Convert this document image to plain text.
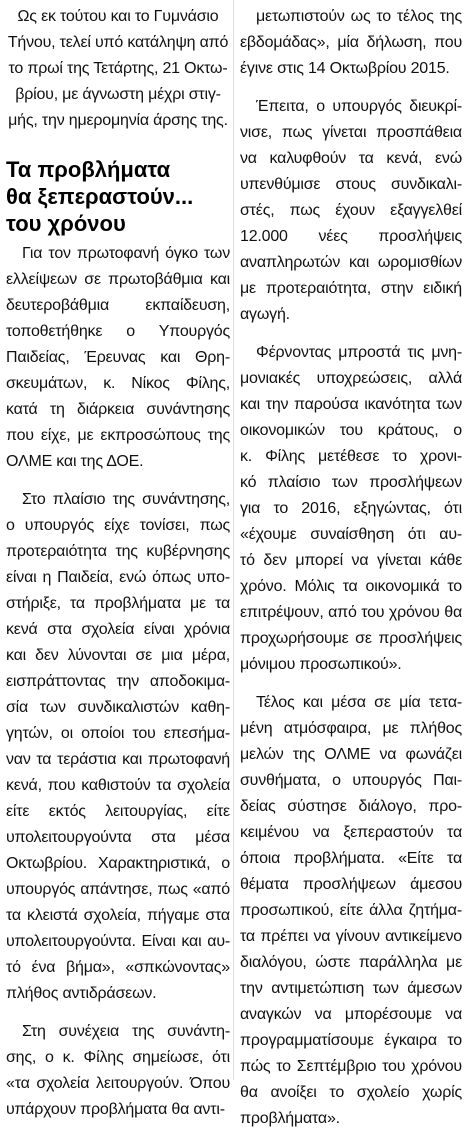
Ως εκ τούτου και το Γυμνάσιο
Τήνου, τελεί υπό κατάληψη από
το πρωί της Τετάρτης, 21 Οκτω-
βρίου, με άγνωστη μέχρι στιγ-
μής, την ημερομηνία άρσης της.
Τα προβλήματα
θα ξεπεραστούν...
του χρόνου
Για τον πρωτοφανή όγκο των
ελλείψεων σε πρωτοβάθμια και
δευτεροβάθμια εκπαίδευση,
τοποθετήθηκε ο Υπουργός
Παιδείας, Έρευνας και Θρη-
σκευμάτων, κ. Νίκος Φίλης,
κατά τη διάρκεια συνάντησης
που είχε, με εκπροσώπους της
ΟΛΜΕ και της ΔΟΕ.
Στο πλαίσιο της συνάντησης,
ο υπουργός είχε τονίσει, πως
προτεραιότητα της κυβέρνησης
είναι η Παιδεία, ενώ όπως υπο-
στήριξε, τα προβλήματα με τα
κενά στα σχολεία είναι χρόνια
και δεν λύνονται σε μια μέρα,
εισπράττοντας την αποδοκιμα-
σία των συνδικαλιστών καθη-
γητών, οι οποίοι του επεσήμα-
ναν τα τεράστια και πρωτοφανή
κενά, που καθιστούν τα σχολεία
είτε εκτός λειτουργίας, είτε
υπολειτουργούντα στα μέσα
Οκτωβρίου. Χαρακτηριστικά, ο
υπουργός απάντησε, πως «από
τα κλειστά σχολεία, πήγαμε στα
υπολειτουργούντα. Είναι και αυ-
τό ένα βήμα», «σπκώνοντας»
πλήθος αντιδράσεων.
Στη συνέχεια της συνάντη-
σης, ο κ. Φίλης σημείωσε, ότι
«τα σχολεία λειτουργούν. Όπου
υπάρχουν προβλήματα θα αντι-
μετωπιστούν ως το τέλος της
εβδομάδας», μία δήλωση, που
έγινε στις 14 Οκτωβρίου 2015.
Έπειτα, ο υπουργός διευκρί-
νισε, πως γίνεται προσπάθεια
να καλυφθούν τα κενά, ενώ
υπενθύμισε στους συνδικαλι-
στές, πως έχουν εξαγγελθεί
12.000 νέες προσλήψεις
αναπληρωτών και ωρομισθίων
με προτεραιότητα, στην ειδική
αγωγή.
Φέρνοντας μπροστά τις μνη-
μονιακές υποχρεώσεις, αλλά
και την παρούσα ικανότητα των
οικονομικών του κράτους, ο
κ. Φίλης μετέθεσε το χρονι-
κό πλαίσιο των προσλήψεων
για το 2016, εξηγώντας, ότι
«έχουμε συναίσθηση ότι αυ-
τό δεν μπορεί να γίνεται κάθε
χρόνο. Μόλις τα οικονομικά το
επιτρέψουν, από του χρόνου θα
προχωρήσουμε σε προσλήψεις
μόνιμου προσωπικού».
Τέλος και μέσα σε μία τετα-
μένη ατμόσφαιρα, με πλήθος
μελών της ΟΛΜΕ να φωνάζει
συνθήματα, ο υπουργός Παι-
δείας σύστησε διάλογο, προ-
κειμένου να ξεπεραστούν τα
όποια προβλήματα. «Είτε τα
θέματα προσλήψεων άμεσου
προσωπικού, είτε άλλα ζητήμα-
τα πρέπει να γίνουν αντικείμενο
διαλόγου, ώστε παράλληλα με
την αντιμετώπιση των άμεσων
αναγκών να μπορέσουμε να
προγραμματίσουμε έγκαιρα το
πώς το Σεπτέμβριο του χρόνου
θα ανοίξει το σχολείο χωρίς
προβλήματα».
